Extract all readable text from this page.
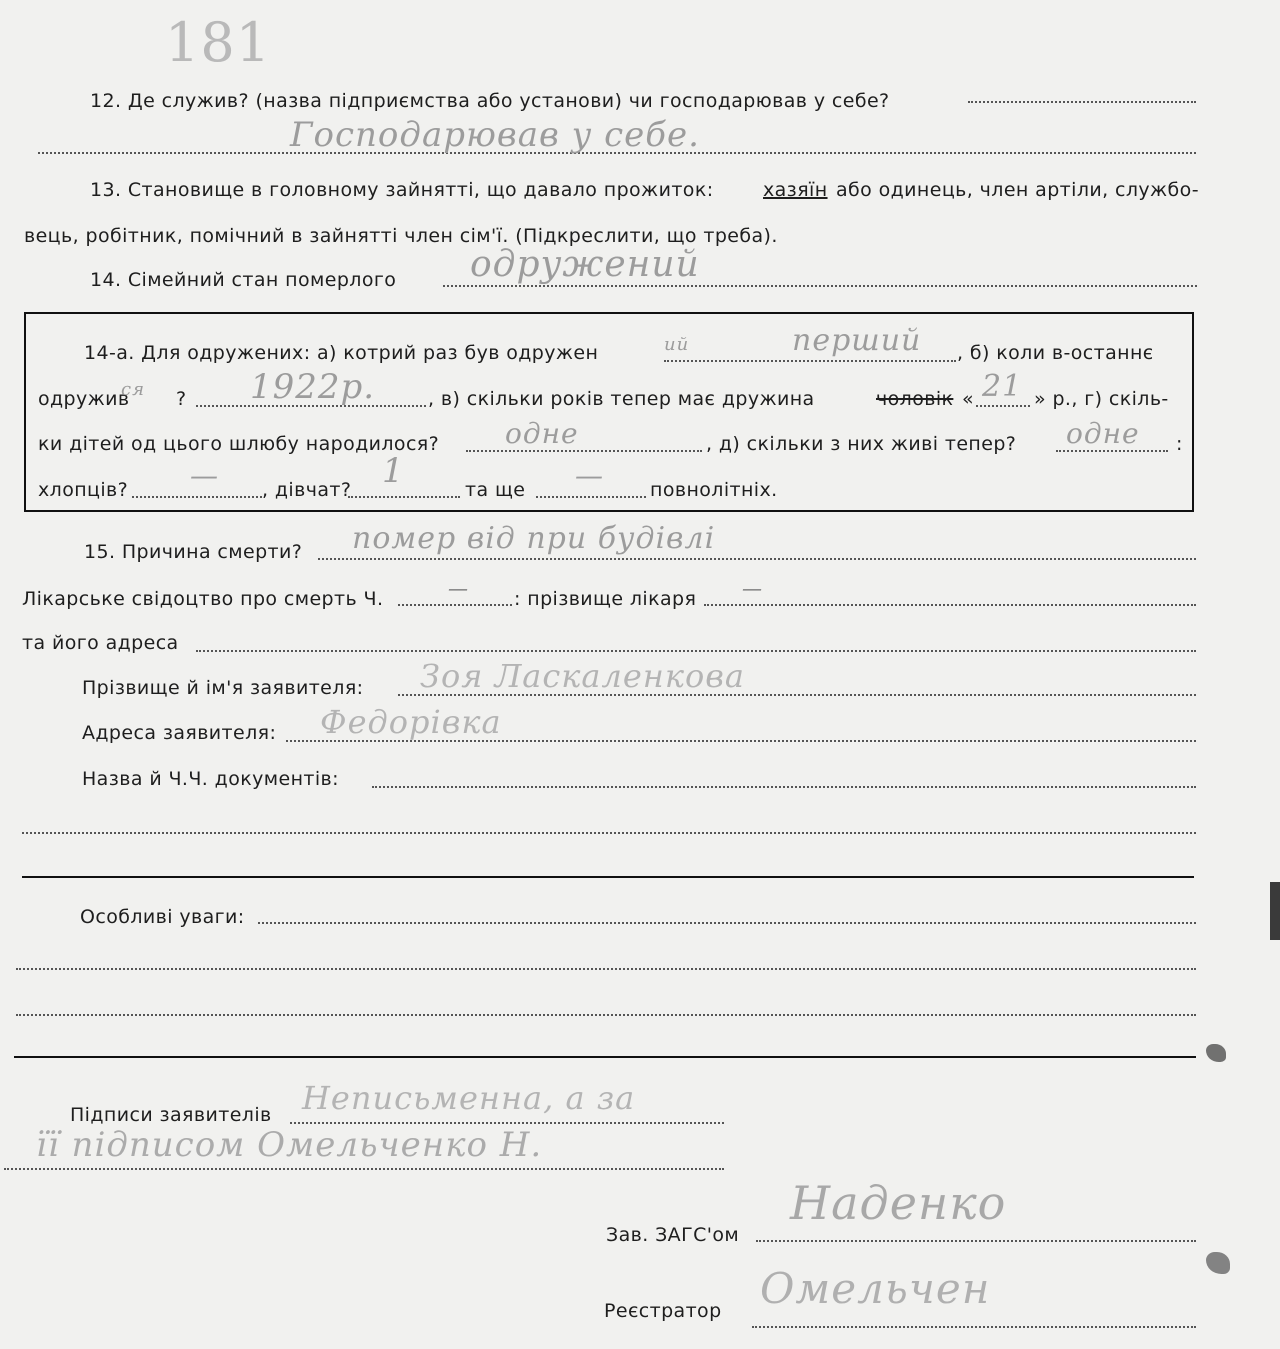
181
12. Де служив? (назва підприємства або установи) чи господарював у себе?
Господарював у себе.
13. Становище в головному зайнятті, що давало прожиток:	хазяїн або одинець, член артіли, службо-
вець, робітник, помічний в зайнятті член сім'ї. (Підкреслити, що треба).
14. Сімейний стан померлого одружений
14-а. Для одружених: а) котрий раз був одружен	ий	перший , б) коли в-останнє
одружив
ся ? 1922р.	, в) скільки років тепер має дружина	чоловік « 21 » р., г) скіль-
ки дітей од цього шлюбу народилося? одне	, д) скільки з них живі тепер? одне :
хлопців? — , дівчат? 1	та ще — повнолітніх.
15. Причина смерти? помер від при будівлі
Лікарське свідоцтво про смерть Ч.	— : прізвище лікаря —
та його адреса
Прізвище й ім'я заявителя: Зоя Ласкаленкова
Адреса заявителя: Федорівка
Назва й Ч.Ч. документів:
Особливі уваги:
Підписи заявителів Неписьменна, а за
її підписом Омельченко Н.
Зав. ЗАГС'ом
Наденко
Реєстратор Омельчен
